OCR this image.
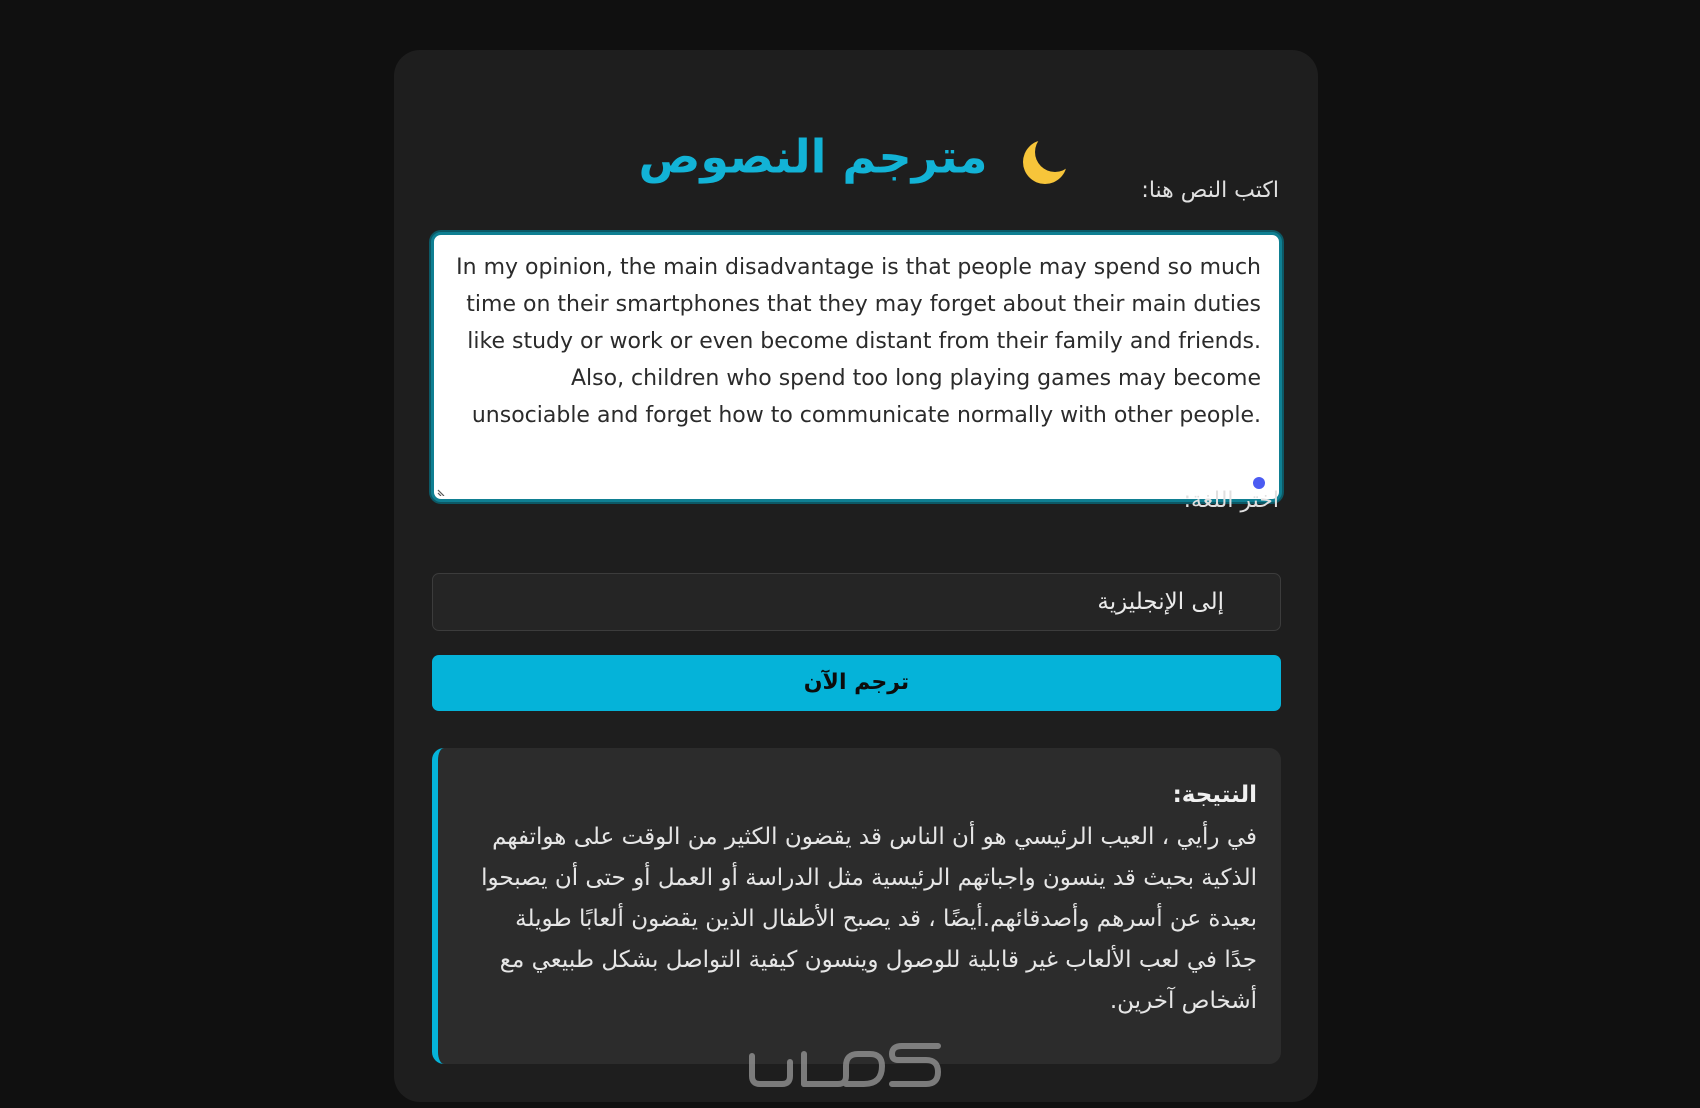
مترجم النصوص
اكتب النص هنا:
In my opinion, the main disadvantage is that people may spend so much time on their smartphones that they may forget about their main duties like study or work or even become distant from their family and friends. Also, children who spend too long playing games may become unsociable and forget how to communicate normally with other people.
اختر اللغة:
إلى الإنجليزية
ترجم الآن
النتيجة:
في رأيي ، العيب الرئيسي هو أن الناس قد يقضون الكثير من الوقت على هواتفهم الذكية بحيث قد ينسون واجباتهم الرئيسية مثل الدراسة أو العمل أو حتى أن يصبحوا بعيدة عن أسرهم وأصدقائهم.أيضًا ، قد يصبح الأطفال الذين يقضون ألعابًا طويلة جدًا في لعب الألعاب غير قابلية للوصول وينسون كيفية التواصل بشكل طبيعي مع أشخاص آخرين.
